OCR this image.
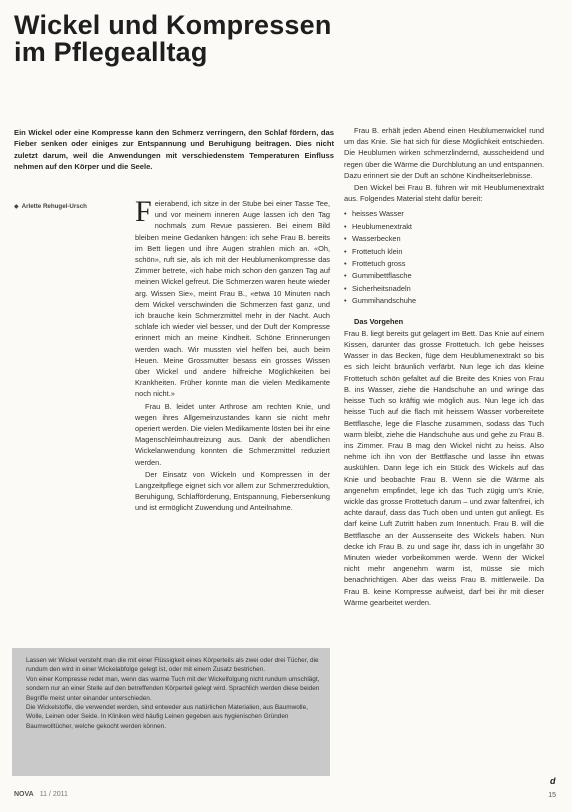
Wickel und Kompressen
im Pflegealltag
Ein Wickel oder eine Kompresse kann den Schmerz verringern, den Schlaf fördern, das Fieber senken oder einiges zur Entspannung und Beruhigung beitragen. Dies nicht zuletzt darum, weil die Anwendungen mit verschiedenstem Temperaturen Einfluss nehmen auf den Körper und die Seele.
◆ Arlette Rehugel-Ursch	Feierabend, ich sitze in der Stube bei einer Tasse Tee, und vor meinem inneren Auge lassen ich den Tag nochmals zum Revue passieren. Bei einem Bild bleiben meine Gedanken hängen: ich sehe Frau B. bereits im Bett liegen und ihre Augen strahlen mich an. «Oh, schön», ruft sie, als ich mit der Heublumenkompresse das Zimmer betrete, «ich habe mich schon den ganzen Tag auf meinen Wickel gefreut. Die Schmerzen waren heute wieder arg. Wissen Sie», meint Frau B., «etwa 10 Minuten nach dem Wickel verschwinden die Schmerzen fast ganz, und ich brauche kein Schmerzmittel mehr in der Nacht. Auch schlafe ich wieder viel besser, und der Duft der Kompresse erinnert mich an meine Kindheit. Schöne Erinnerungen werden wach. Wir mussten viel helfen bei, auch beim Heuen. Meine Grossmutter besass ein grosses Wissen über Wickel und andere hilfreiche Möglichkeiten bei Krankheiten. Früher konnte man die vielen Medikamente noch nicht.»

Frau B. leidet unter Arthrose am rechten Knie, und wegen ihres Allgemeinzustandes kann sie nicht mehr operiert werden. Die vielen Medikamente lösten bei ihr eine Magenschleimhautreizung aus. Dank der abendlichen Wickelanwendung konnten die Schmerzmittel reduziert werden.

Der Einsatz von Wickeln und Kompressen in der Langzeitpflege eignet sich vor allem zur Schmerzreduktion, Beruhigung, Schlafförderung, Entspannung, Fiebersenkung und ist ermöglicht Zuwendung und Anteilnahme.

Frau B. erhält jeden Abend einen Heublumenwickel rund um das Knie. Sie hat sich für diese Möglichkeit entschieden. Die Heublumen wirken schmerzlindernd, ausscheidend und regen über die Wärme die Durchblutung an und entspannen. Dazu erinnert sie der Duft an schöne Kindheitserlebnisse.

Den Wickel bei Frau B. führen wir mit Heublumenextrakt aus. Folgendes Material steht dafür bereit:

• heisses Wasser
• Heublumenextrakt
• Wasserbecken
• Frottetuch klein
• Frottetuch gross
• Gummibettflasche
• Sicherheitsnadeln
• Gummihandschuhe

Das Vorgehen

Frau B. liegt bereits gut gelagert im Bett. Das Knie auf einem Kissen, darunter das grosse Frottetuch. Ich gebe heisses Wasser in das Becken, füge dem Heublumenextrakt so bis es sich leicht bräunlich verfärbt. Nun lege ich das kleine Frottetuch schön gefaltet auf die Breite des Knies von Frau B. ins Wasser, ziehe die Handschuhe an und wringe das heisse Tuch so kräftig wie möglich aus. Nun lege ich das heisse Tuch auf die flach mit heissem Wasser vorbereitete Bettflasche, lege die Flasche zusammen, sodass das Tuch warm bleibt, ziehe die Handschuhe aus und gehe zu Frau B. ins Zimmer. Frau B mag den Wickel nicht zu heiss. Also nehme ich ihn von der Bettflasche und lasse ihn etwas auskühlen. Dann lege ich ein Stück des Wickels auf das Knie und beobachte Frau B. Wenn sie die Wärme als angenehm empfindet, lege ich das Tuch zügig um's Knie, wickle das grosse Frottetuch darum – und zwar faltenfrei, ich achte darauf, dass das Tuch oben und unten gut anliegt. Es darf keine Luft Zutritt haben zum Innentuch. Frau B. will die Bettflasche an der Aussenseite des Wickels haben. Nun decke ich Frau B. zu und sage ihr, dass ich in ungefähr 30 Minuten wieder vorbeikommen werde. Wenn der Wickel nicht mehr angenehm warm ist, müsse sie mich benachrichtigen. Aber das weiss Frau B. mittlerweile. Da Frau B. keine Kompresse aufweist, darf bei ihr mit dieser Wärme gearbeitet werden.

Lassen wir Wickel versteht man die mit einer Flüssigkeit eines Körperteils als zwei oder drei Tücher, die rundum den wird in einer Wickelabfolge gelegt ist, oder mit einem Zusatz bestrichen.

Von einer Kompresse redet man, wenn das warme Tuch mit der Wickelfolgung nicht rundum umschlägt, sondern nur an einer Stelle auf den betreffenden Körperteil gelegt wird. Sprachlich werden diese beiden Begriffe meist unter einander unterschieden.

Die Wickelstoffe, die verwendet werden, sind entweder aus natürlichen Materialien, aus Baumwolle, Wolle, Leinen oder Seide. In Kliniken wird häufig Leinen gegeben aus hygienischen Gründen Baumwolltücher, welche gekocht werden können.

d
NOVA 11 / 2011	15
